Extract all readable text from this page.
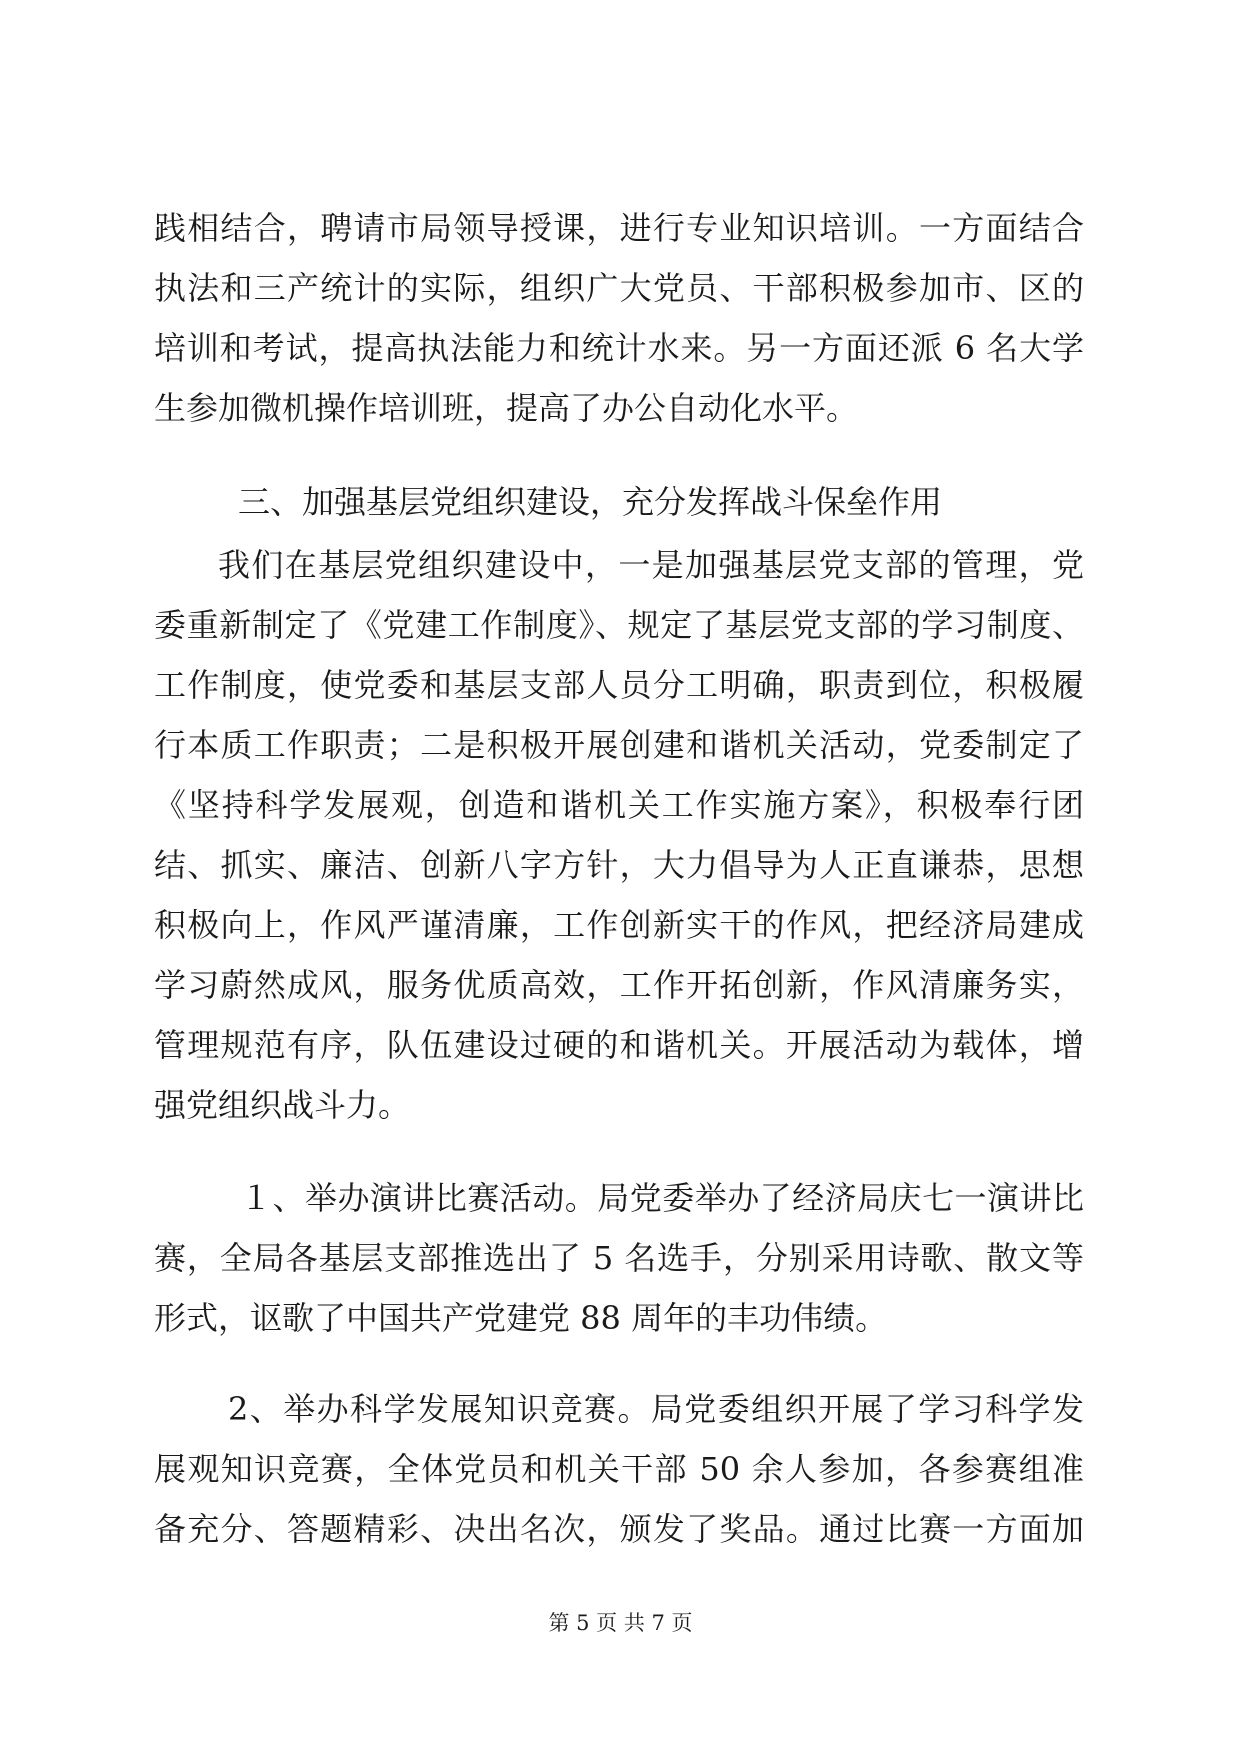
践相结合，聘请市局领导授课，进行专业知识培训。一方面结合
执法和三产统计的实际，组织广大党员、干部积极参加市、区的
培训和考试，提高执法能力和统计水来。另一方面还派 6 名大学
生参加微机操作培训班，提高了办公自动化水平。
三、加强基层党组织建设，充分发挥战斗保垒作用
我们在基层党组织建设中，一是加强基层党支部的管理，党
委重新制定了《党建工作制度》、规定了基层党支部的学习制度、
工作制度，使党委和基层支部人员分工明确，职责到位，积极履
行本质工作职责；二是积极开展创建和谐机关活动，党委制定了
《坚持科学发展观，创造和谐机关工作实施方案》，积极奉行团
结、抓实、廉洁、创新八字方针，大力倡导为人正直谦恭，思想
积极向上，作风严谨清廉，工作创新实干的作风，把经济局建成
学习蔚然成风，服务优质高效，工作开拓创新，作风清廉务实，
管理规范有序，队伍建设过硬的和谐机关。开展活动为载体，增
强党组织战斗力。
１、举办演讲比赛活动。局党委举办了经济局庆七一演讲比
赛，全局各基层支部推选出了 5 名选手，分别采用诗歌、散文等
形式，讴歌了中国共产党建党 88 周年的丰功伟绩。
2、举办科学发展知识竞赛。局党委组织开展了学习科学发
展观知识竞赛，全体党员和机关干部 50 余人参加，各参赛组准
备充分、答题精彩、决出名次，颁发了奖品。通过比赛一方面加
第 5 页 共 7 页
